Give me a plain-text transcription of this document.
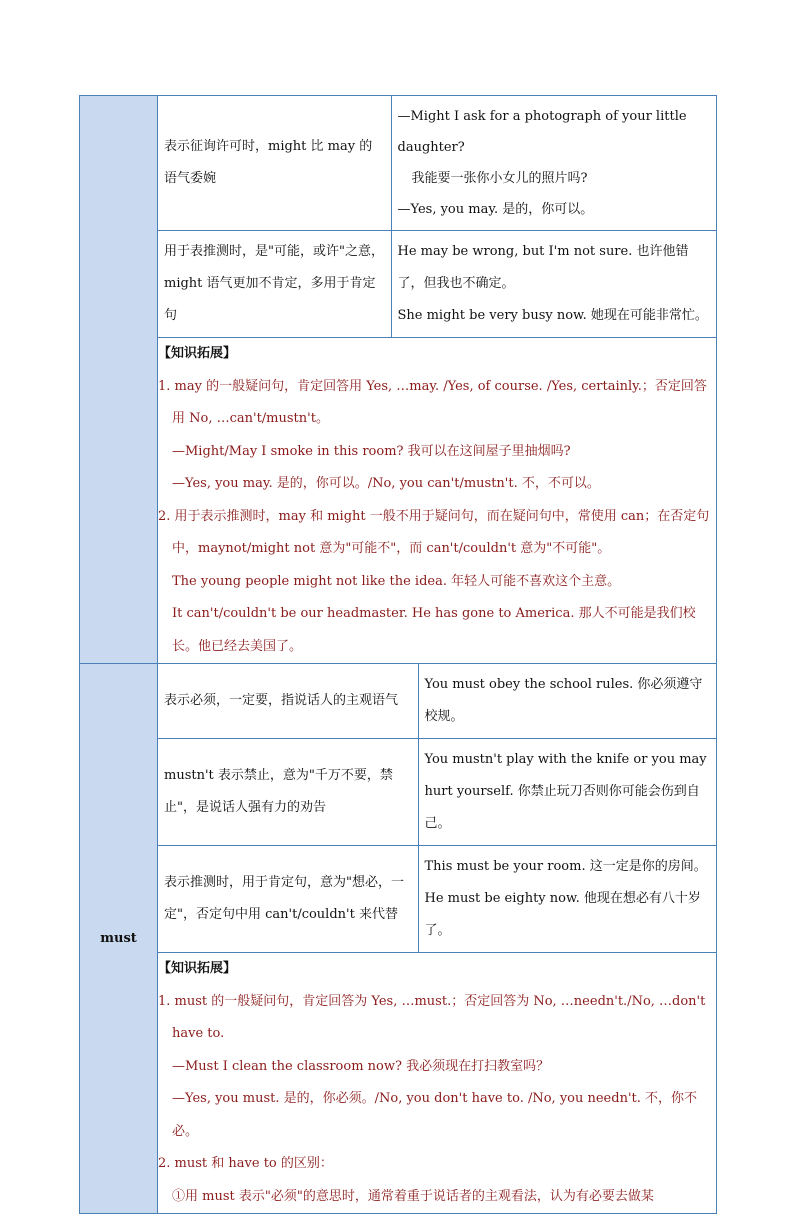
表示征询许可时，might 比 may 的语气委婉	
—Might I ask for a photograph of your little daughter?
我能要一张你小女儿的照片吗?
—Yes, you may. 是的，你可以。

用于表推测时，是"可能，或许"之意，might 语气更加不肯定，多用于肯定句	
He may be wrong, but I'm not sure. 也许他错了，但我也不确定。
She might be very busy now. 她现在可能非常忙。

【知识拓展】
1. may 的一般疑问句，肯定回答用 Yes, …may. /Yes, of course. /Yes, certainly.；否定回答用 No, …can't/mustn't。
—Might/May I smoke in this room? 我可以在这间屋子里抽烟吗?
—Yes, you may. 是的，你可以。/No, you can't/mustn't. 不，不可以。
2. 用于表示推测时，may 和 might 一般不用于疑问句，而在疑问句中，常使用 can；在否定句中，maynot/might not 意为"可能不"，而 can't/couldn't 意为"不可能"。
The young people might not like the idea. 年轻人可能不喜欢这个主意。
It can't/couldn't be our headmaster. He has gone to America. 那人不可能是我们校长。他已经去美国了。

must	
表示必须，一定要，指说话人的主观语气	
You must obey the school rules. 你必须遵守校规。

mustn't 表示禁止，意为"千万不要，禁止"，是说话人强有力的劝告	
You mustn't play with the knife or you may hurt yourself. 你禁止玩刀否则你可能会伤到自己。

表示推测时，用于肯定句，意为"想必，一定"，否定句中用 can't/couldn't 来代替	
This must be your room. 这一定是你的房间。
He must be eighty now. 他现在想必有八十岁了。

【知识拓展】
1. must 的一般疑问句，肯定回答为 Yes, …must.；否定回答为 No, …needn't./No, …don't have to.
—Must I clean the classroom now? 我必须现在打扫教室吗？
—Yes, you must. 是的，你必须。/No, you don't have to. /No, you needn't. 不，你不必。
2. must 和 have to 的区别：
①用 must 表示"必须"的意思时，通常着重于说话者的主观看法，认为有必要去做某
